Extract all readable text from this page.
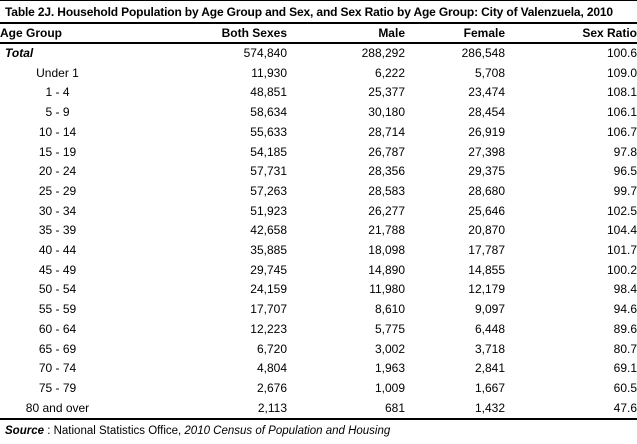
Table 2J. Household Population by Age Group and Sex, and Sex Ratio by Age Group: City of Valenzuela, 2010
Age Group	Both Sexes	Male	Female	Sex Ratio
Total	574,840	288,292	286,548	100.6
Under 1	11,930	6,222	5,708	109.0
1 - 4	48,851	25,377	23,474	108.1
5 - 9	58,634	30,180	28,454	106.1
10 - 14	55,633	28,714	26,919	106.7
15 - 19	54,185	26,787	27,398	97.8
20 - 24	57,731	28,356	29,375	96.5
25 - 29	57,263	28,583	28,680	99.7
30 - 34	51,923	26,277	25,646	102.5
35 - 39	42,658	21,788	20,870	104.4
40 - 44	35,885	18,098	17,787	101.7
45 - 49	29,745	14,890	14,855	100.2
50 - 54	24,159	11,980	12,179	98.4
55 - 59	17,707	8,610	9,097	94.6
60 - 64	12,223	5,775	6,448	89.6
65 - 69	6,720	3,002	3,718	80.7
70 - 74	4,804	1,963	2,841	69.1
75 - 79	2,676	1,009	1,667	60.5
80 and over	2,113	681	1,432	47.6
Source : National Statistics Office, 2010 Census of Population and Housing
